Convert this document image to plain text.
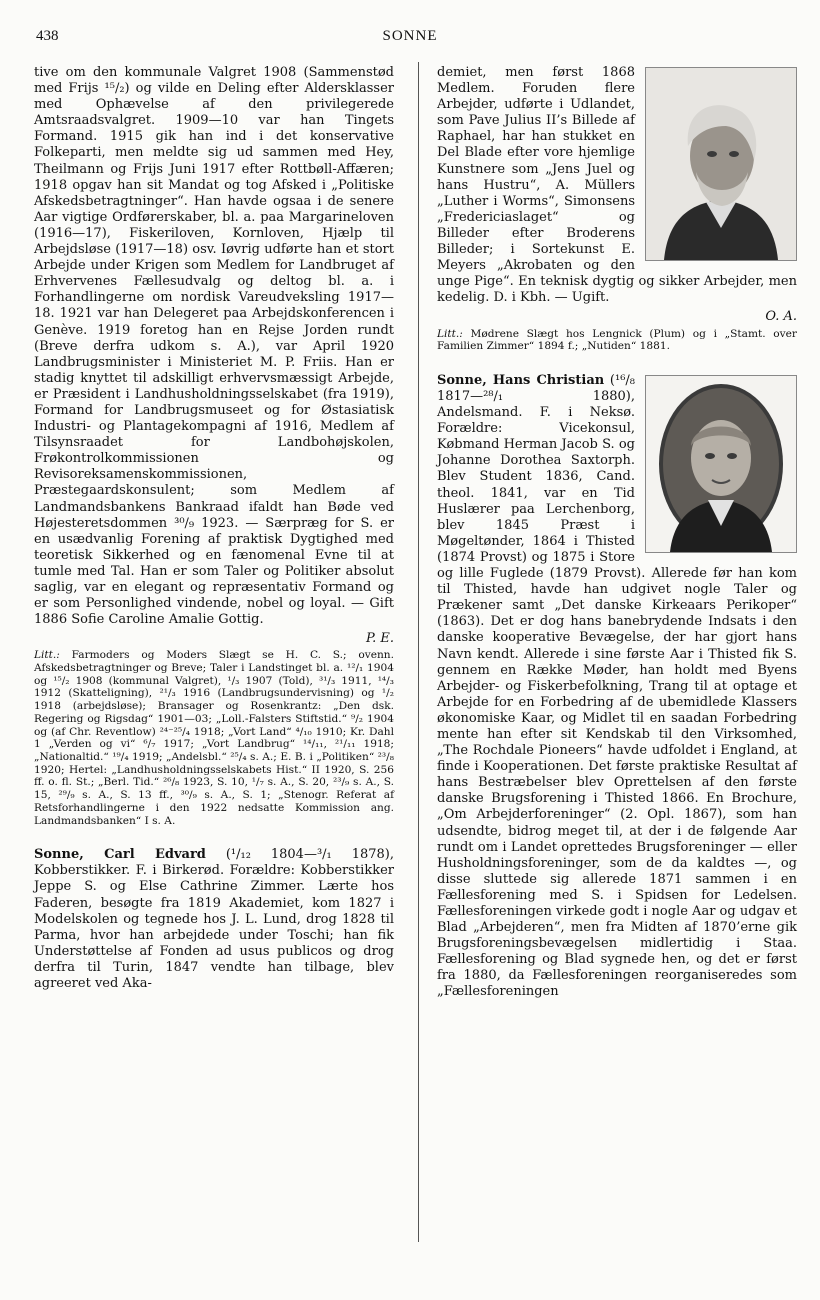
438	SONNE

tive om den kommunale Valgret 1908 (Sammenstød med Frijs ¹⁵/₂) og vilde en Deling efter Aldersklasser med Ophævelse af den privilegerede Amtsraadsvalgret. 1909—10 var han Tingets Formand. 1915 gik han ind i det konservative Folkeparti, men meldte sig ud sammen med Hey, Theilmann og Frijs Juni 1917 efter Rottbøll-Affæren; 1918 opgav han sit Mandat og tog Afsked i „Politiske Afskedsbetragtninger“. Han havde ogsaa i de senere Aar vigtige Ordførerskaber, bl. a. paa Margarineloven (1916—17), Fiskeriloven, Kornloven, Hjælp til Arbejdsløse (1917—18) osv. Iøvrig udførte han et stort Arbejde under Krigen som Medlem for Landbruget af Erhvervenes Fællesudvalg og deltog bl. a. i Forhandlingerne om nordisk Vareudveksling 1917—18. 1921 var han Delegeret paa Arbejdskonferencen i Genève. 1919 foretog han en Rejse Jorden rundt (Breve derfra udkom s. A.), var April 1920 Landbrugsminister i Ministeriet M. P. Friis. Han er stadig knyttet til adskilligt erhvervsmæssigt Arbejde, er Præsident i Landhusholdningsselskabet (fra 1919), Formand for Landbrugsmuseet og for Østasiatisk Industri- og Plantagekompagni af 1916, Medlem af Tilsynsraadet for Landbohøjskolen, Frøkontrolkommissionen og Revisoreksamenskommissionen, Præstegaardskonsulent; som Medlem af Landmandsbankens Bankraad ifaldt han Bøde ved Højesteretsdommen ³⁰/₉ 1923. — Særpræg for S. er en usædvanlig Forening af praktisk Dygtighed med teoretisk Sikkerhed og en fænomenal Evne til at tumle med Tal. Han er som Taler og Politiker absolut saglig, var en elegant og repræsentativ Formand og er som Personlighed vindende, nobel og loyal. — Gift 1886 Sofie Caroline Amalie Gottig.

P. E.

Litt.: Farmoders og Moders Slægt se H. C. S.; ovenn. Afskedsbetragtninger og Breve; Taler i Landstinget bl. a. ¹²/₁ 1904 og ¹⁵/₂ 1908 (kommunal Valgret), ¹/₃ 1907 (Told), ³¹/₃ 1911, ¹⁴/₃ 1912 (Skatteligning), ²¹/₃ 1916 (Landbrugsundervisning) og ¹/₂ 1918 (arbejdsløse); Bransager og Rosenkrantz: „Den dsk. Regering og Rigsdag“ 1901—03; „Loll.-Falsters Stiftstid.“ ⁹/₂ 1904 og (af Chr. Reventlow) ²⁴⁻²⁵/₄ 1918; „Vort Land“ ⁴/₁₀ 1910; Kr. Dahl 1 „Verden og vi“ ⁶/₇ 1917; „Vort Landbrug“ ¹⁴/₁₁, ²¹/₁₁ 1918; „Nationaltid.“ ¹⁹/₄ 1919; „Andelsbl.“ ²⁵/₄ s. A.; E. B. i „Politiken“ ²³/₈ 1920; Hertel: „Landhusholdningsselskabets Hist.“ II 1920, S. 256 ff. o. fl. St.; „Berl. Tid.“ ²⁶/₈ 1923, S. 10, ¹/₇ s. A., S. 20, ²³/₉ s. A., S. 15, ²⁹/₉ s. A., S. 13 ff., ³⁰/₉ s. A., S. 1; „Stenogr. Referat af Retsforhandlingerne i den 1922 nedsatte Kommission ang. Landmandsbanken“ I s. A.

Sonne, Carl Edvard (¹/₁₂ 1804—³/₁ 1878), Kobberstikker. F. i Birkerød. Forældre: Kobberstikker Jeppe S. og Else Cathrine Zimmer. Lærte hos Faderen, besøgte fra 1819 Akademiet, kom 1827 i Modelskolen og tegnede hos J. L. Lund, drog 1828 til Parma, hvor han arbejdede under Toschi; han fik Understøttelse af Fonden ad usus publicos og drog derfra til Turin, 1847 vendte han tilbage, blev agreeret ved Aka-

demiet, men først 1868 Medlem. Foruden flere Arbejder, udførte i Udlandet, som Pave Julius II’s Billede af Raphael, har han stukket en Del Blade efter vore hjemlige Kunstnere som „Jens Juel og hans Hustru“, A. Müllers „Luther i Worms“, Simonsens „Fredericiaslaget“ og Billeder efter Broderens Billeder; i Sortekunst E. Meyers „Akrobaten og den unge Pige“. En teknisk dygtig og sikker Arbejder, men kedelig. D. i Kbh. — Ugift.

O. A.

Litt.: Mødrene Slægt hos Lengnick (Plum) og i „Stamt. over Familien Zimmer“ 1894 f.; „Nutiden“ 1881.

Sonne, Hans Christian (¹⁶/₈ 1817—²⁸/₁ 1880), Andelsmand. F. i Neksø. Forældre: Vicekonsul, Købmand Herman Jacob S. og Johanne Dorothea Saxtorph. Blev Student 1836, Cand. theol. 1841, var en Tid Huslærer paa Lerchenborg, blev 1845 Præst i Møgeltønder, 1864 i Thisted (1874 Provst) og 1875 i Store og lille Fuglede (1879 Provst). Allerede før han kom til Thisted, havde han udgivet nogle Taler og Prækener samt „Det danske Kirkeaars Perikoper“ (1863). Det er dog hans banebrydende Indsats i den danske kooperative Bevægelse, der har gjort hans Navn kendt. Allerede i sine første Aar i Thisted fik S. gennem en Række Møder, han holdt med Byens Arbejder- og Fiskerbefolkning, Trang til at optage et Arbejde for en Forbedring af de ubemidlede Klassers økonomiske Kaar, og Midlet til en saadan Forbedring mente han efter sit Kendskab til den Virksomhed, „The Rochdale Pioneers“ havde udfoldet i England, at finde i Kooperationen. Det første praktiske Resultat af hans Bestræbelser blev Oprettelsen af den første danske Brugsforening i Thisted 1866. En Brochure, „Om Arbejderforeninger“ (2. Opl. 1867), som han udsendte, bidrog meget til, at der i de følgende Aar rundt om i Landet oprettedes Brugsforeninger — eller Husholdningsforeninger, som de da kaldtes —, og disse sluttede sig allerede 1871 sammen i en Fællesforening med S. i Spidsen for Ledelsen. Fællesforeningen virkede godt i nogle Aar og udgav et Blad „Arbejderen“, men fra Midten af 1870’erne gik Brugsforeningsbevægelsen midlertidig i Staa. Fællesforening og Blad sygnede hen, og det er først fra 1880, da Fællesforeningen reorganiseredes som „Fællesforeningen
